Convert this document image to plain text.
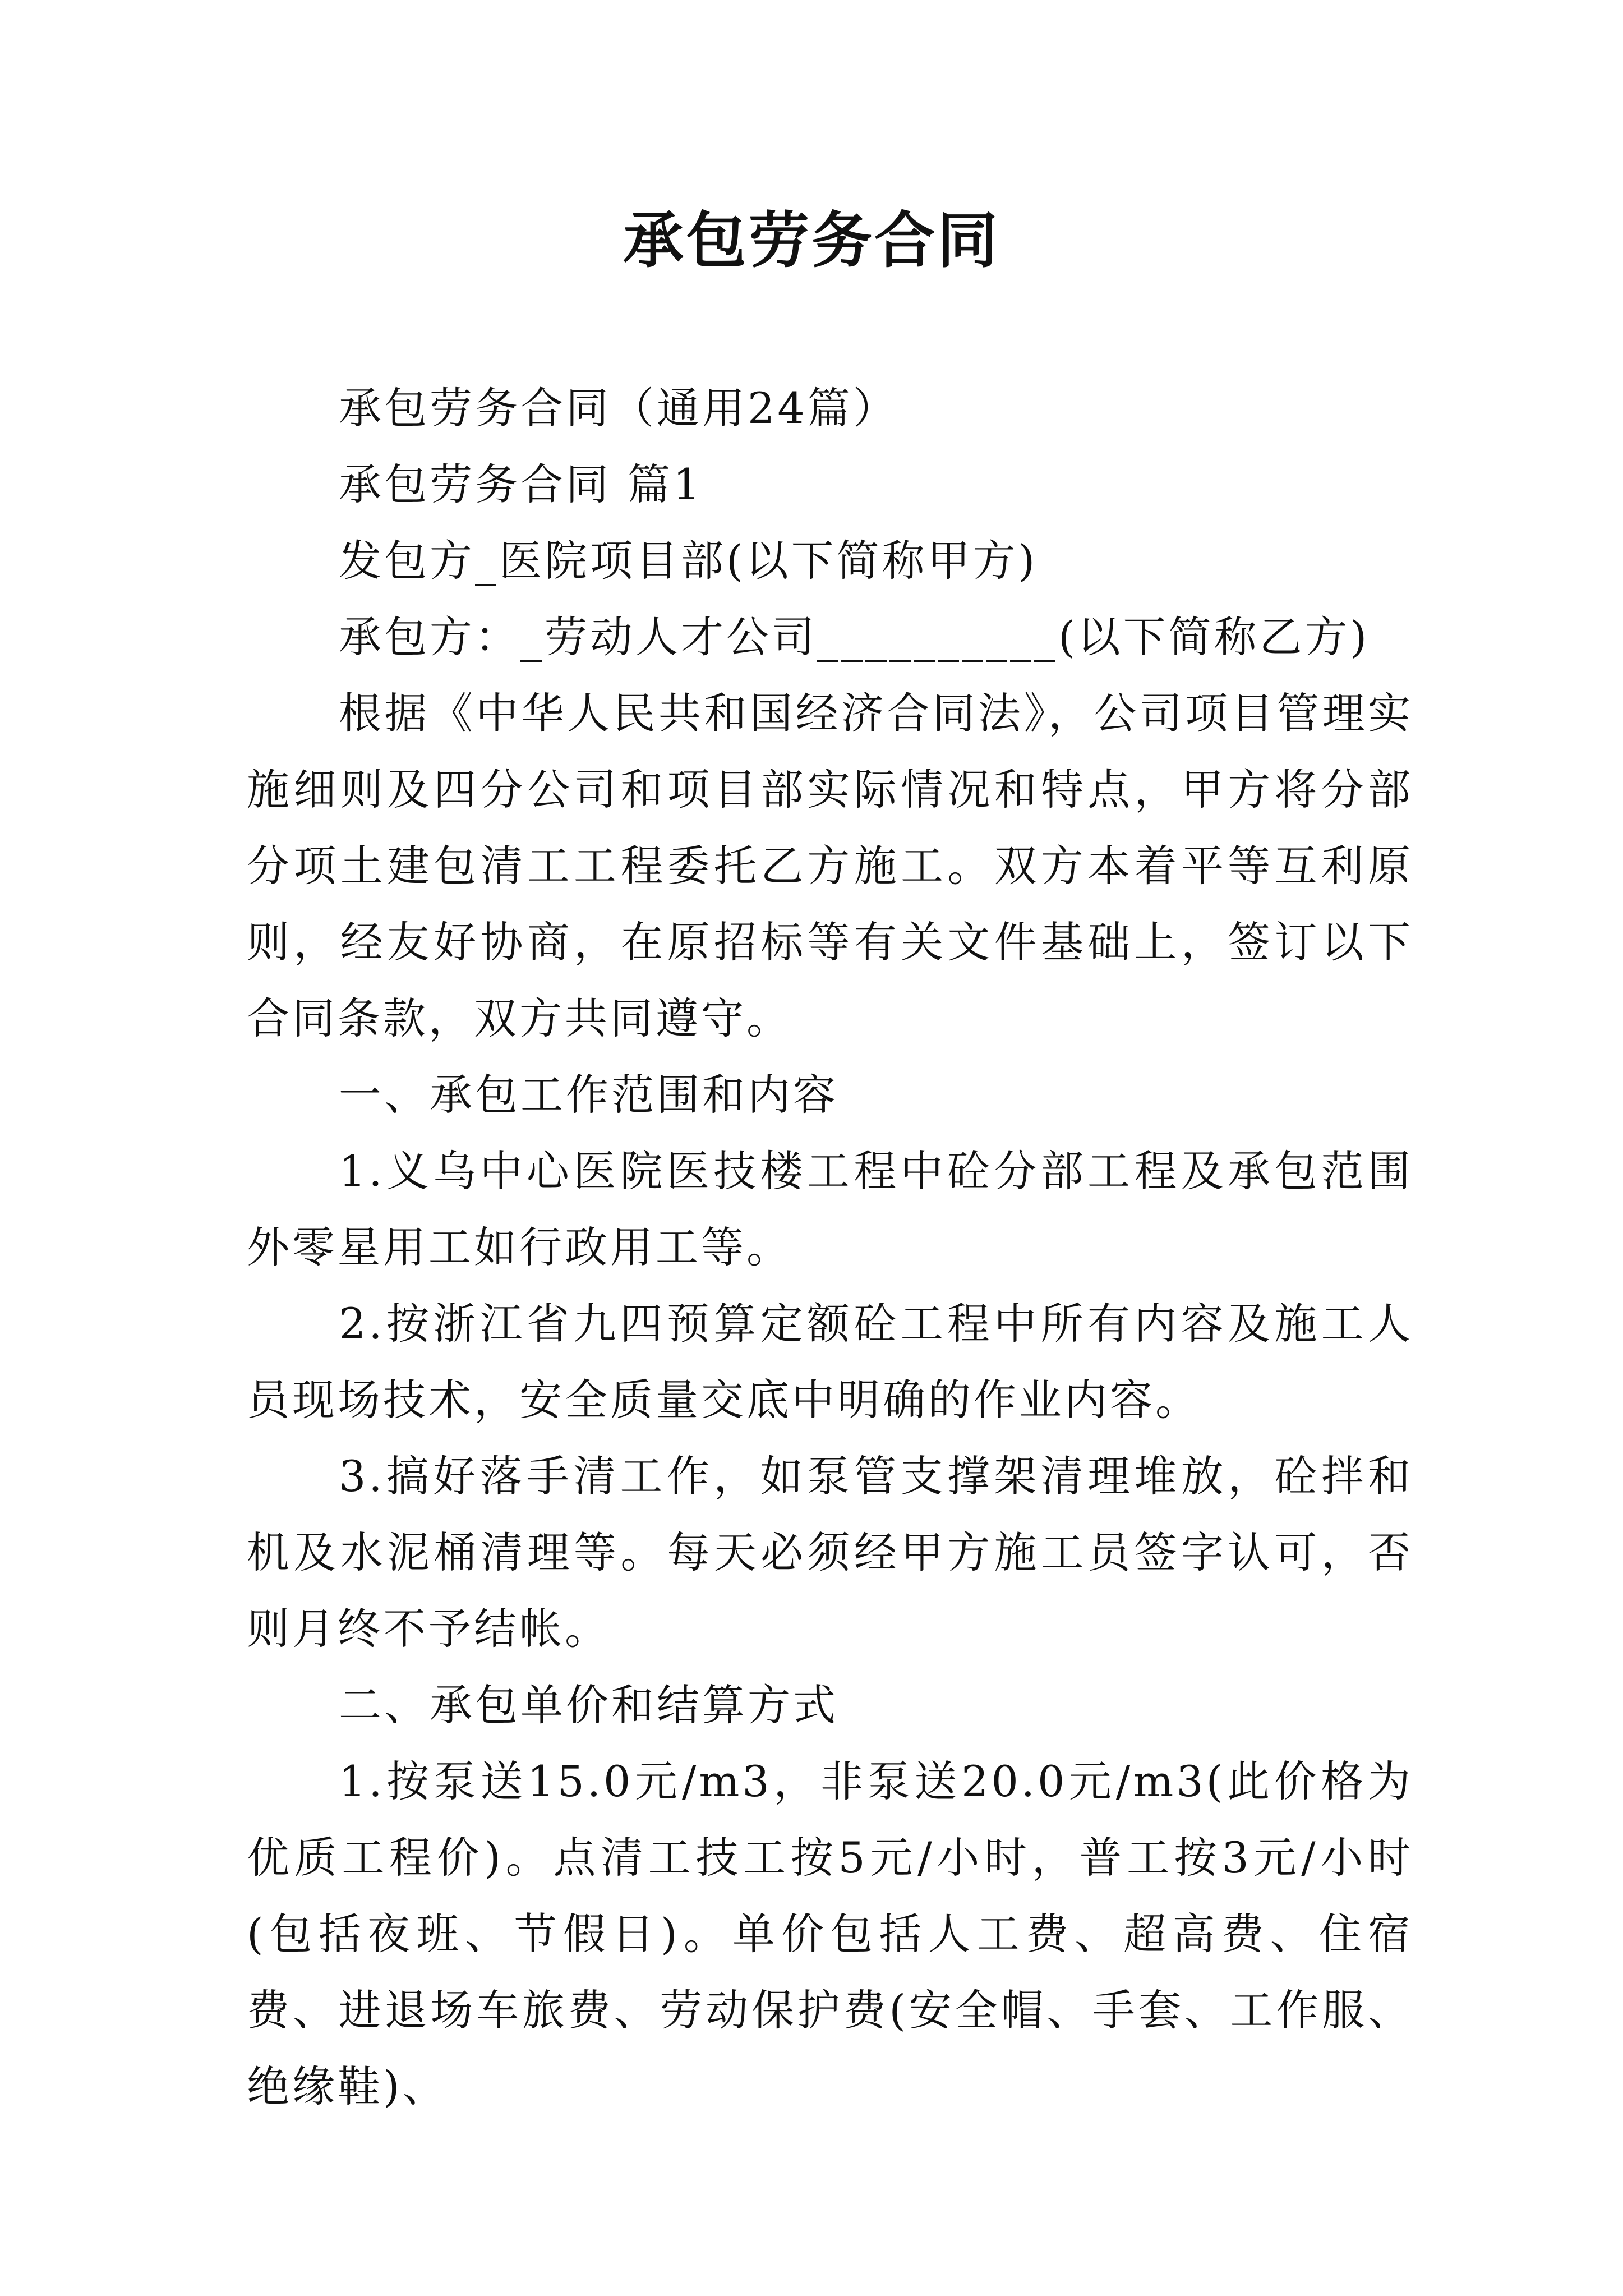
承包劳务合同

承包劳务合同（通用24篇）

承包劳务合同 篇1

发包方_医院项目部(以下简称甲方)

承包方：_劳动人才公司__________(以下简称乙方)

根据《中华人民共和国经济合同法》，公司项目管理实施细则及四分公司和项目部实际情况和特点，甲方将分部分项土建包清工工程委托乙方施工。双方本着平等互利原则，经友好协商，在原招标等有关文件基础上，签订以下合同条款，双方共同遵守。

一、承包工作范围和内容

1.义乌中心医院医技楼工程中砼分部工程及承包范围外零星用工如行政用工等。

2.按浙江省九四预算定额砼工程中所有内容及施工人员现场技术，安全质量交底中明确的作业内容。

3.搞好落手清工作，如泵管支撑架清理堆放，砼拌和机及水泥桶清理等。每天必须经甲方施工员签字认可，否则月终不予结帐。

二、承包单价和结算方式

1.按泵送15.0元/m3，非泵送20.0元/m3(此价格为优质工程价)。点清工技工按5元/小时，普工按3元/小时(包括夜班、节假日)。单价包括人工费、超高费、住宿费、进退场车旅费、劳动保护费(安全帽、手套、工作服、绝缘鞋)、
